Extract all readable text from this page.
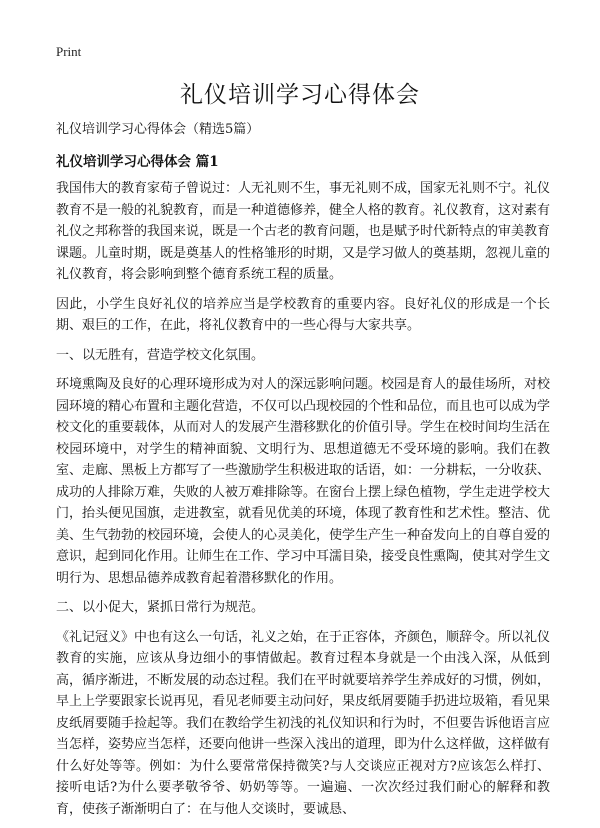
Print
礼仪培训学习心得体会

礼仪培训学习心得体会（精选5篇）

礼仪培训学习心得体会 篇1

我国伟大的教育家荀子曾说过：人无礼则不生，事无礼则不成，国家无礼则不宁。礼仪教育不是一般的礼貌教育，而是一种道德修养，健全人格的教育。礼仪教育，这对素有礼仪之邦称誉的我国来说，既是一个古老的教育问题，也是赋予时代新特点的审美教育课题。儿童时期，既是奠基人的性格雏形的时期，又是学习做人的奠基期，忽视儿童的礼仪教育，将会影响到整个德育系统工程的质量。

因此，小学生良好礼仪的培养应当是学校教育的重要内容。良好礼仪的形成是一个长期、艰巨的工作，在此，将礼仪教育中的一些心得与大家共享。

一、以无胜有，营造学校文化氛围。

环境熏陶及良好的心理环境形成为对人的深远影响问题。校园是育人的最佳场所，对校园环境的精心布置和主题化营造，不仅可以凸现校园的个性和品位，而且也可以成为学校文化的重要载体，从而对人的发展产生潜移默化的价值引导。学生在校时间均生活在校园环境中，对学生的精神面貌、文明行为、思想道德无不受环境的影响。我们在教室、走廊、黑板上方都写了一些激励学生积极进取的话语，如：一分耕耘，一分收获、成功的人排除万难，失败的人被万难排除等。在窗台上摆上绿色植物，学生走进学校大门，抬头便见国旗，走进教室，就看见优美的环境，体现了教育性和艺术性。整洁、优美、生气勃勃的校园环境，会使人的心灵美化，使学生产生一种奋发向上的自尊自爱的意识，起到同化作用。让师生在工作、学习中耳濡目染，接受良性熏陶，使其对学生文明行为、思想品德养成教育起着潜移默化的作用。

二、以小促大，紧抓日常行为规范。

《礼记冠义》中也有这么一句话，礼义之始，在于正容体，齐颜色，顺辞令。所以礼仪教育的实施，应该从身边细小的事情做起。教育过程本身就是一个由浅入深，从低到高，循序渐进，不断发展的动态过程。我们在平时就要培养学生养成好的习惯，例如，早上上学要跟家长说再见，看见老师要主动问好，果皮纸屑要随手扔进垃圾箱，看见果皮纸屑要随手捡起等。我们在教给学生初浅的礼仪知识和行为时，不但要告诉他语言应当怎样，姿势应当怎样，还要向他讲一些深入浅出的道理，即为什么这样做，这样做有什么好处等等。例如：为什么要常常保持微笑?与人交谈应正视对方?应该怎么样打、接听电话?为什么要孝敬爷爷、奶奶等等。一遍遍、一次次经过我们耐心的解释和教育，使孩子渐渐明白了：在与他人交谈时，要诚恳、
